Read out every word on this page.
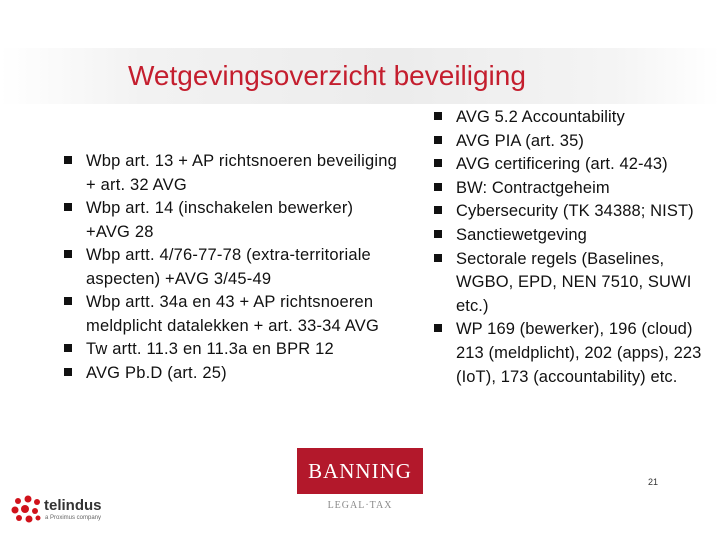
Wetgevingsoverzicht beveiliging
Wbp art. 13 + AP richtsnoeren beveiliging + art. 32 AVG
Wbp art. 14 (inschakelen bewerker) +AVG 28
Wbp artt. 4/76-77-78 (extra-territoriale aspecten) +AVG 3/45-49
Wbp artt. 34a en 43 + AP richtsnoeren meldplicht datalekken + art. 33-34 AVG
Tw artt. 11.3 en 11.3a en BPR 12
AVG Pb.D (art. 25)
AVG 5.2 Accountability
AVG PIA (art. 35)
AVG certificering (art. 42-43)
BW: Contractgeheim
Cybersecurity (TK 34388; NIST)
Sanctiewetgeving
Sectorale regels (Baselines, WGBO, EPD, NEN 7510, SUWI etc.)
WP 169 (bewerker), 196 (cloud) 213 (meldplicht), 202 (apps), 223 (IoT), 173 (accountability) etc.
BANNING
LEGAL·TAX
21
telindus
a Proximus company
